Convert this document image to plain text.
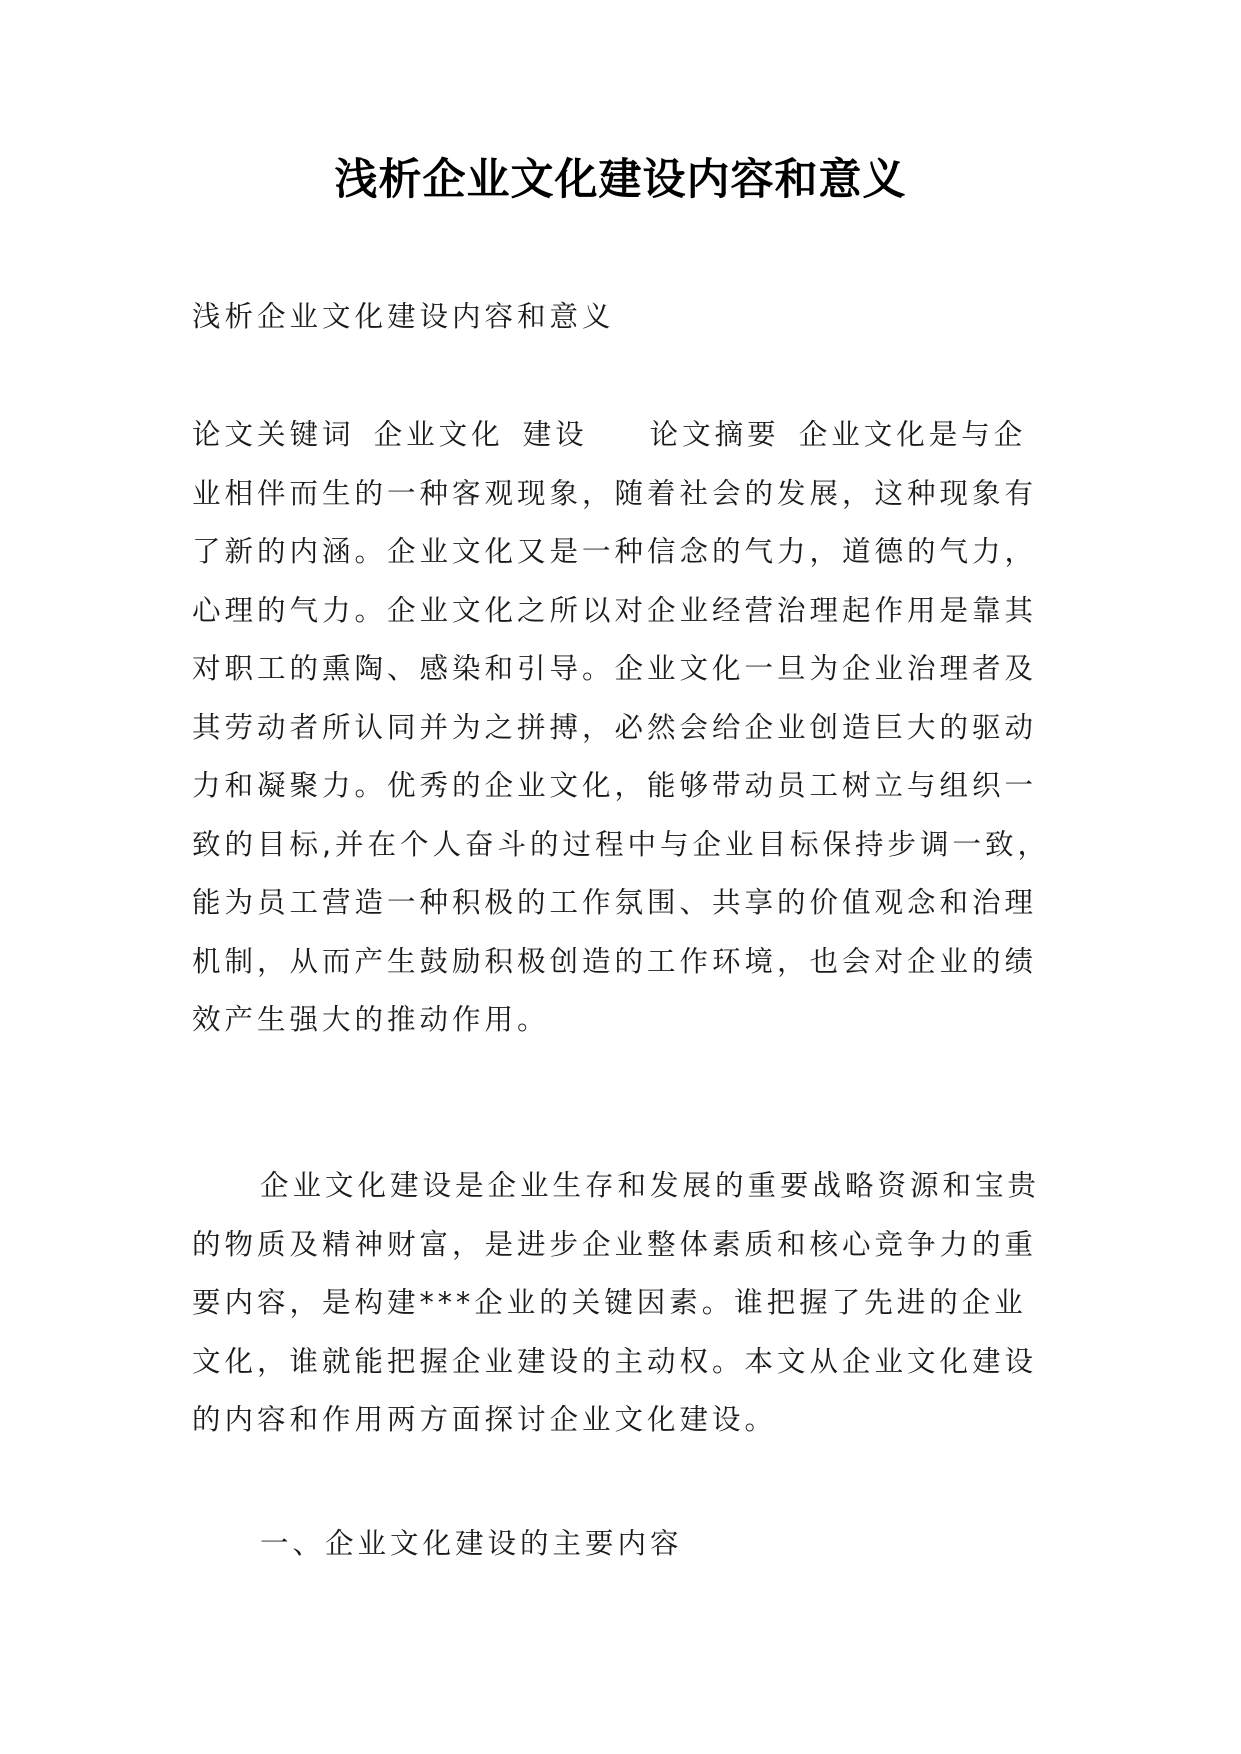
浅析企业文化建设内容和意义

浅析企业文化建设内容和意义

论文关键词 企业文化 建设 论文摘要 企业文化是与企业相伴而生的一种客观现象，随着社会的发展，这种现象有了新的内涵。企业文化又是一种信念的气力，道德的气力，心理的气力。企业文化之所以对企业经营治理起作用是靠其对职工的熏陶、感染和引导。企业文化一旦为企业治理者及其劳动者所认同并为之拼搏，必然会给企业创造巨大的驱动力和凝聚力。优秀的企业文化，能够带动员工树立与组织一致的目标,并在个人奋斗的过程中与企业目标保持步调一致，能为员工营造一种积极的工作氛围、共享的价值观念和治理机制，从而产生鼓励积极创造的工作环境，也会对企业的绩效产生强大的推动作用。

企业文化建设是企业生存和发展的重要战略资源和宝贵的物质及精神财富，是进步企业整体素质和核心竞争力的重要内容，是构建***企业的关键因素。谁把握了先进的企业文化，谁就能把握企业建设的主动权。本文从企业文化建设的内容和作用两方面探讨企业文化建设。

一、企业文化建设的主要内容
